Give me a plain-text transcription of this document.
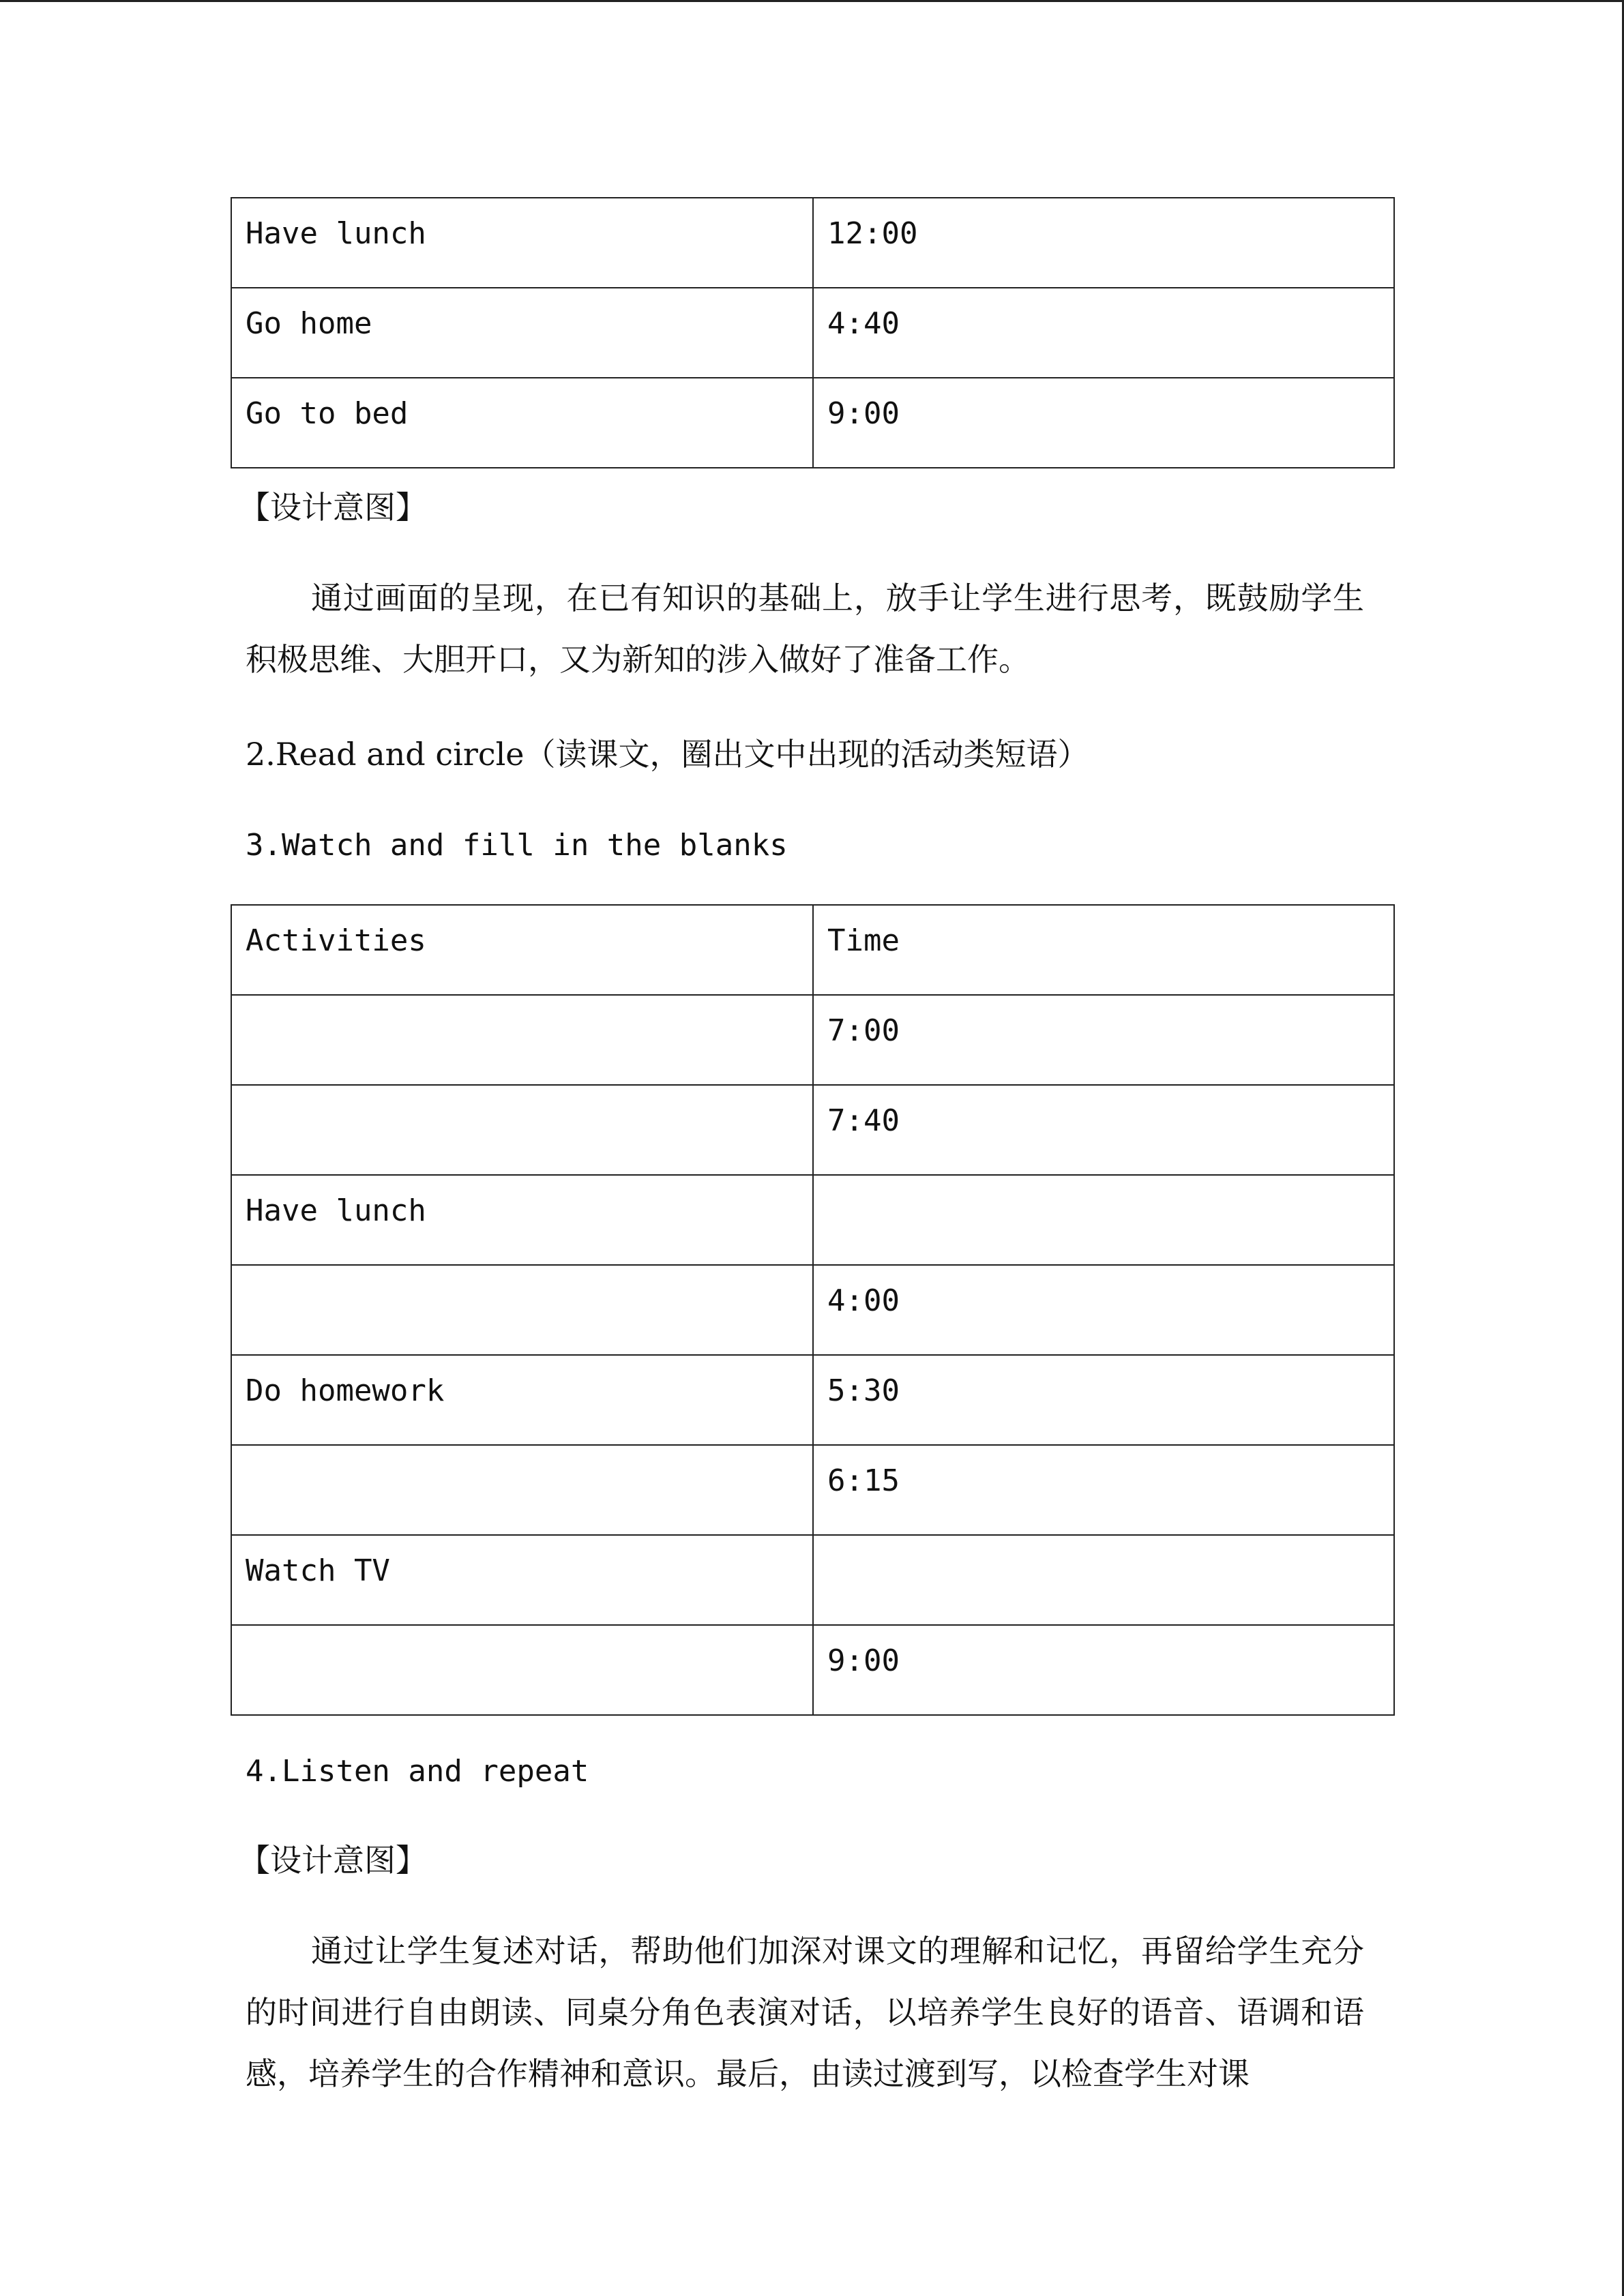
Have lunch	12:00
Go home	4:40
Go to bed	9:00

【设计意图】

通过画面的呈现，在已有知识的基础上，放手让学生进行思考，既鼓励学生积极思维、大胆开口，又为新知的涉入做好了准备工作。

2.Read and circle（读课文，圈出文中出现的活动类短语）

3.Watch and fill in the blanks

Activities	Time
	7:00
	7:40
Have lunch	
	4:00
Do homework	5:30
	6:15
Watch TV	
	9:00

4.Listen and repeat

【设计意图】

通过让学生复述对话，帮助他们加深对课文的理解和记忆，再留给学生充分的时间进行自由朗读、同桌分角色表演对话，以培养学生良好的语音、语调和语感，培养学生的合作精神和意识。最后，由读过渡到写，以检查学生对课
